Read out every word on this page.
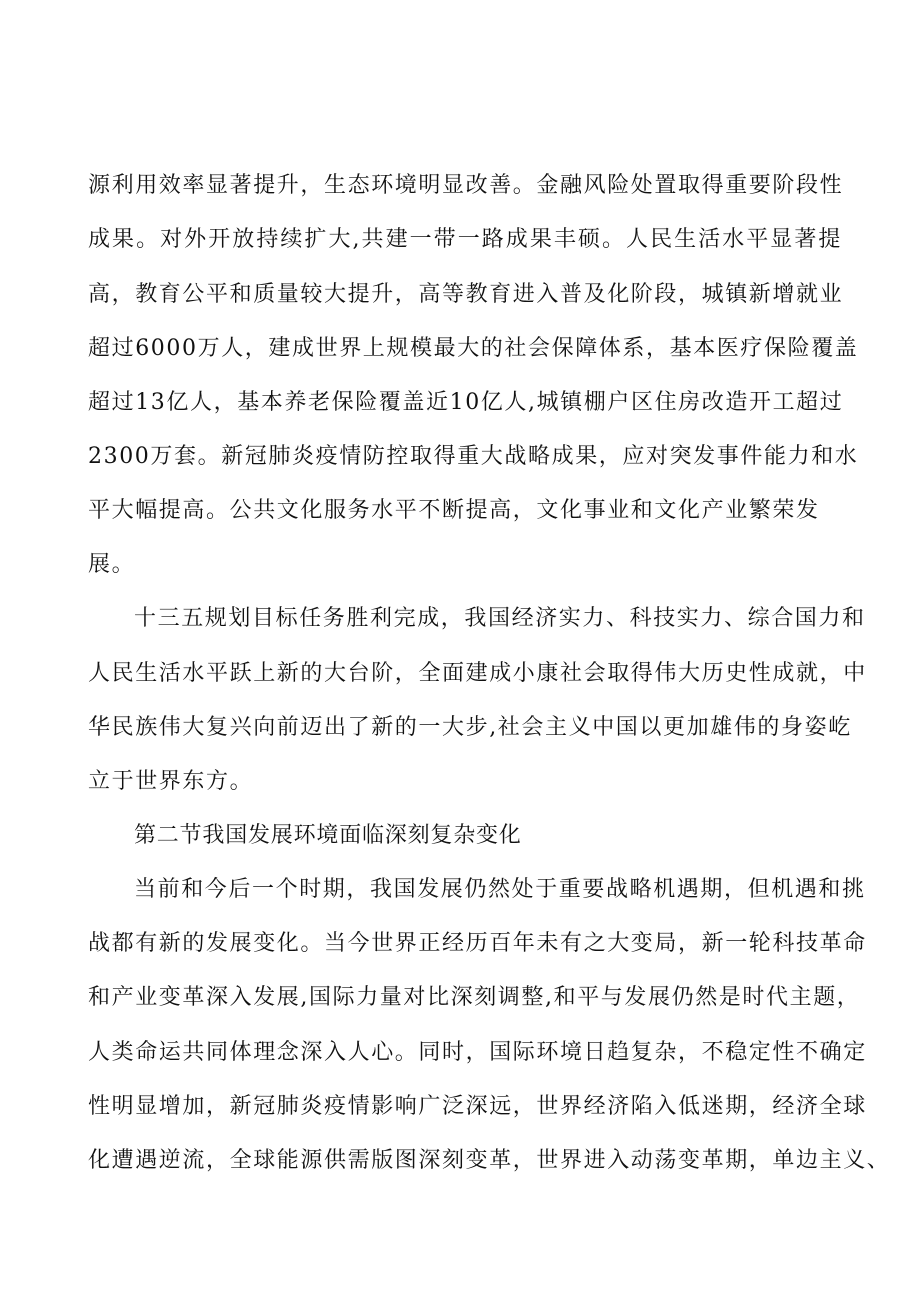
源利用效率显著提升，生态环境明显改善。金融风险处置取得重要阶段性
成果。对外开放持续扩大,共建一带一路成果丰硕。人民生活水平显著提
高，教育公平和质量较大提升，高等教育进入普及化阶段，城镇新增就业
超过6000万人，建成世界上规模最大的社会保障体系，基本医疗保险覆盖
超过13亿人，基本养老保险覆盖近10亿人,城镇棚户区住房改造开工超过
2300万套。新冠肺炎疫情防控取得重大战略成果，应对突发事件能力和水
平大幅提高。公共文化服务水平不断提高，文化事业和文化产业繁荣发
展。
十三五规划目标任务胜利完成，我国经济实力、科技实力、综合国力和
人民生活水平跃上新的大台阶，全面建成小康社会取得伟大历史性成就，中
华民族伟大复兴向前迈出了新的一大步,社会主义中国以更加雄伟的身姿屹
立于世界东方。
第二节我国发展环境面临深刻复杂变化
当前和今后一个时期，我国发展仍然处于重要战略机遇期，但机遇和挑
战都有新的发展变化。当今世界正经历百年未有之大变局，新一轮科技革命
和产业变革深入发展,国际力量对比深刻调整,和平与发展仍然是时代主题，
人类命运共同体理念深入人心。同时，国际环境日趋复杂，不稳定性不确定
性明显增加，新冠肺炎疫情影响广泛深远，世界经济陷入低迷期，经济全球
化遭遇逆流，全球能源供需版图深刻变革，世界进入动荡变革期，单边主义、
